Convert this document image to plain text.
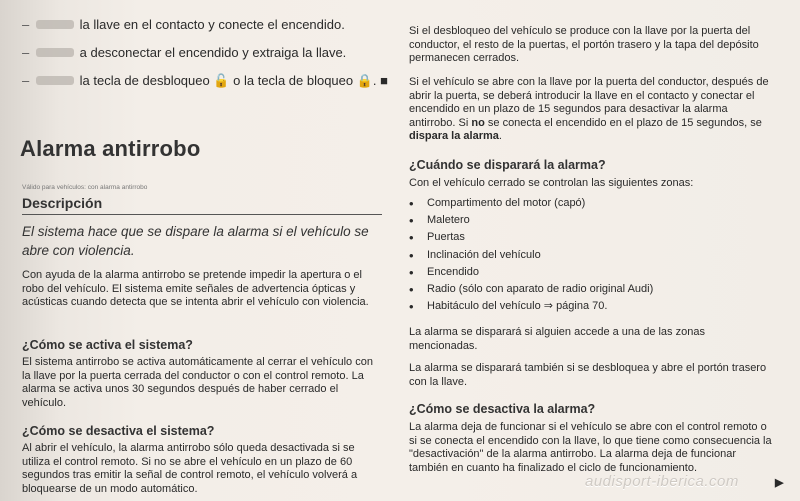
–	la llave en el contacto y conecte el encendido.
–	a desconectar el encendido y extraiga la llave.
–	la tecla de desbloqueo 🔓 o la tecla de bloqueo 🔒. ■
Alarma antirrobo
Válido para vehículos: con alarma antirrobo
Descripción
El sistema hace que se dispare la alarma si el vehículo se abre con violencia.
Con ayuda de la alarma antirrobo se pretende impedir la apertura o el robo del vehículo. El sistema emite señales de advertencia ópticas y acústicas cuando detecta que se intenta abrir el vehículo con violencia.
¿Cómo se activa el sistema?
El sistema antirrobo se activa automáticamente al cerrar el vehículo con la llave por la puerta cerrada del conductor o con el control remoto. La alarma se activa unos 30 segundos después de haber cerrado el vehículo.
¿Cómo se desactiva el sistema?
Al abrir el vehículo, la alarma antirrobo sólo queda desactivada si se utiliza el control remoto. Si no se abre el vehículo en un plazo de 60 segundos tras emitir la señal de control remoto, el vehículo volverá a bloquearse de un modo automático.
Si el desbloqueo del vehículo se produce con la llave por la puerta del conductor, el resto de la puertas, el portón trasero y la tapa del depósito permanecen cerrados.
Si el vehículo se abre con la llave por la puerta del conductor, después de abrir la puerta, se deberá introducir la llave en el contacto y conectar el encendido en un plazo de 15 segundos para desactivar la alarma antirrobo. Si no se conecta el encendido en el plazo de 15 segundos, se dispara la alarma.
¿Cuándo se disparará la alarma?
Con el vehículo cerrado se controlan las siguientes zonas:
•	Compartimento del motor (capó)
•	Maletero
•	Puertas
•	Inclinación del vehículo
•	Encendido
•	Radio (sólo con aparato de radio original Audi)
•	Habitáculo del vehículo ⇒ página 70.
La alarma se disparará si alguien accede a una de las zonas mencionadas.
La alarma se disparará también si se desbloquea y abre el portón trasero con la llave.
¿Cómo se desactiva la alarma?
La alarma deja de funcionar si el vehículo se abre con el control remoto o si se conecta el encendido con la llave, lo que tiene como consecuencia la "desactivación" de la alarma antirrobo. La alarma deja de funcionar también en cuanto ha finalizado el ciclo de funcionamiento.
audisport-iberica.com	▶
